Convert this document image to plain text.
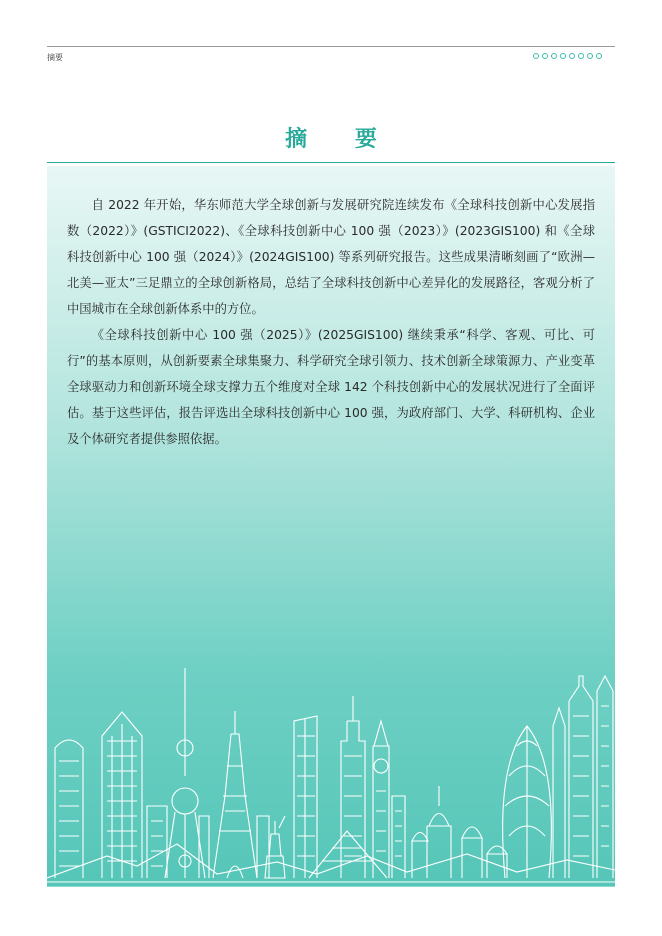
摘要
摘 要

自 2022 年开始，华东师范大学全球创新与发展研究院连续发布《全球科技创新中心发展指数（2022）》(GSTICI2022)、《全球科技创新中心 100 强（2023）》(2023GIS100) 和《全球科技创新中心 100 强（2024）》(2024GIS100) 等系列研究报告。这些成果清晰刻画了“欧洲—北美—亚太”三足鼎立的全球创新格局，总结了全球科技创新中心差异化的发展路径，客观分析了中国城市在全球创新体系中的方位。

《全球科技创新中心 100 强（2025）》(2025GIS100) 继续秉承“科学、客观、可比、可行”的基本原则，从创新要素全球集聚力、科学研究全球引领力、技术创新全球策源力、产业变革全球驱动力和创新环境全球支撑力五个维度对全球 142 个科技创新中心的发展状况进行了全面评估。基于这些评估，报告评选出全球科技创新中心 100 强，为政府部门、大学、科研机构、企业及个体研究者提供参照依据。
